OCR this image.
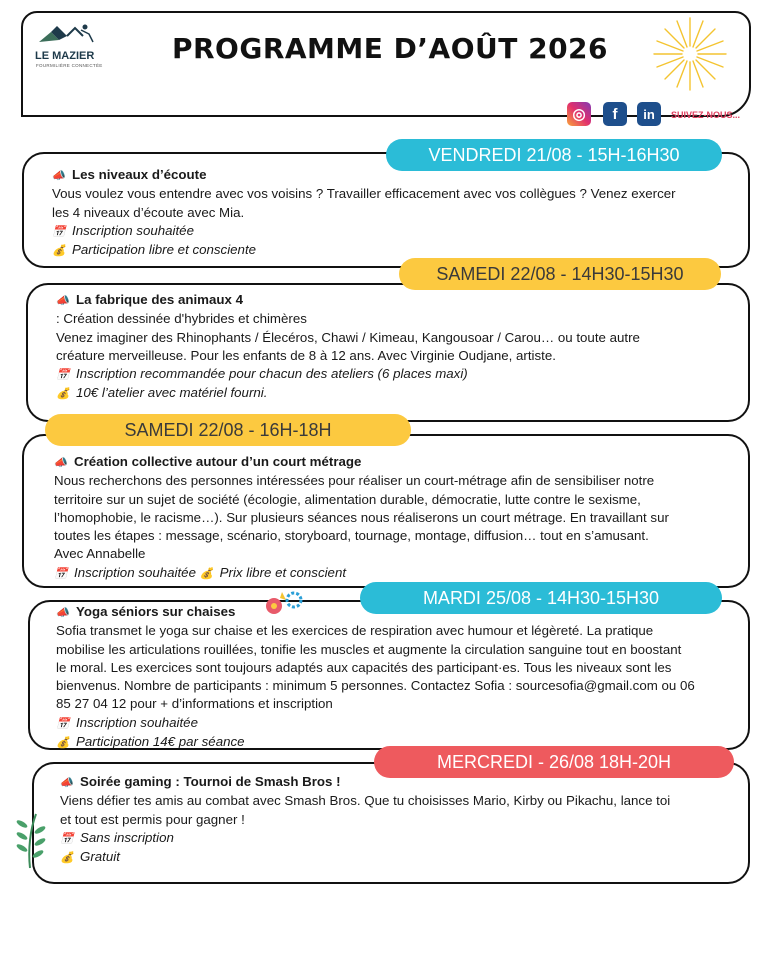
LE MAZIER
FOURMILIÈRE CONNECTÉE
PROGRAMME D’AOÛT 2026
◎	f	in	SUIVEZ-NOUS...
VENDREDI 21/08 - 15H-16H30

📣 Les niveaux d’écoute

Vous voulez vous entendre avec vos voisins ? Travailler efficacement avec vos collègues ? Venez exercer

les 4 niveaux d’écoute avec Mia.

📅 Inscription souhaitée

💰 Participation libre et consciente

SAMEDI 22/08 - 14H30-15H30

📣 La fabrique des animaux 4

: Création dessinée d'hybrides et chimères

Venez imaginer des Rhinophants / Élecéros, Chawi / Kimeau, Kangousoar / Carou… ou toute autre

créature merveilleuse. Pour les enfants de 8 à 12 ans. Avec Virginie Oudjane, artiste.

📅 Inscription recommandée pour chacun des ateliers (6 places maxi)

💰 10€ l’atelier avec matériel fourni.

SAMEDI 22/08 - 16H-18H

📣 Création collective autour d’un court métrage

Nous recherchons des personnes intéressées pour réaliser un court-métrage afin de sensibiliser notre

territoire sur un sujet de société (écologie, alimentation durable, démocratie, lutte contre le sexisme,

l’homophobie, le racisme…). Sur plusieurs séances nous réaliserons un court métrage. En travaillant sur

toutes les étapes : message, scénario, storyboard, tournage, montage, diffusion… tout en s’amusant.

Avec Annabelle

📅 Inscription souhaitée 💰 Prix libre et conscient

MARDI 25/08 - 14H30-15H30

📣 Yoga séniors sur chaises

Sofia transmet le yoga sur chaise et les exercices de respiration avec humour et légèreté. La pratique

mobilise les articulations rouillées, tonifie les muscles et augmente la circulation sanguine tout en boostant

le moral. Les exercices sont toujours adaptés aux capacités des participant·es. Tous les niveaux sont les

bienvenus. Nombre de participants : minimum 5 personnes. Contactez Sofia : sourcesofia@gmail.com ou 06

85 27 04 12 pour + d’informations et inscription

📅 Inscription souhaitée

💰 Participation 14€ par séance

MERCREDI - 26/08 18H-20H

📣 Soirée gaming : Tournoi de Smash Bros !

Viens défier tes amis au combat avec Smash Bros. Que tu choisisses Mario, Kirby ou Pikachu, lance toi

et tout est permis pour gagner !

📅 Sans inscription

💰 Gratuit
